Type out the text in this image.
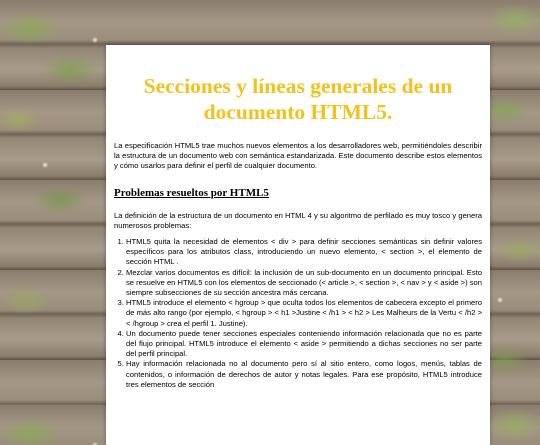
Secciones y líneas generales de un documento HTML5.

La especificación HTML5 trae muchos nuevos elementos a los desarrolladores web, permitiéndoles describir la estructura de un documento web con semántica estandarizada. Este documento describe estos elementos y cómo usarlos para definir el perfil de cualquier documento.

Problemas resueltos por HTML5

La definición de la estructura de un documento en HTML 4 y su algoritmo de perfilado es muy tosco y genera numerosos problemas:

1. HTML5 quita la necesidad de elementos < div > para definir secciones semánticas sin definir valores específicos para los atributos class, introduciendo un nuevo elemento, < section >, el elemento de sección HTML .
2. Mezclar varios documentos es difícil: la inclusión de un sub-documento en un documento principal. Esto se resuelve en HTML5 con los elementos de seccionado (< article >, < section >, < nav > y < aside >) son siempre subsecciones de su sección ancestra más cercana.
3. HTML5 introduce el elemento < hgroup > que oculta todos los elementos de cabecera excepto el primero de más alto rango (por ejemplo, < hgroup > < h1 >Justine < /h1 > < h2 > Les Malheurs de la Vertu < /h2 > < /hgroup > crea el perfil 1. Justine).
4. Un documento puede tener secciones especiales conteniendo información relacionada que no es parte del flujo principal. HTML5 introduce el elemento < aside > permitiendo a dichas secciones no ser parte del perfil principal.
5. Hay información relacionada no al documento pero sí al sitio entero, como logos, menús, tablas de contenidos, o información de derechos de autor y notas legales. Para ese propósito, HTML5 introduce tres elementos de sección
